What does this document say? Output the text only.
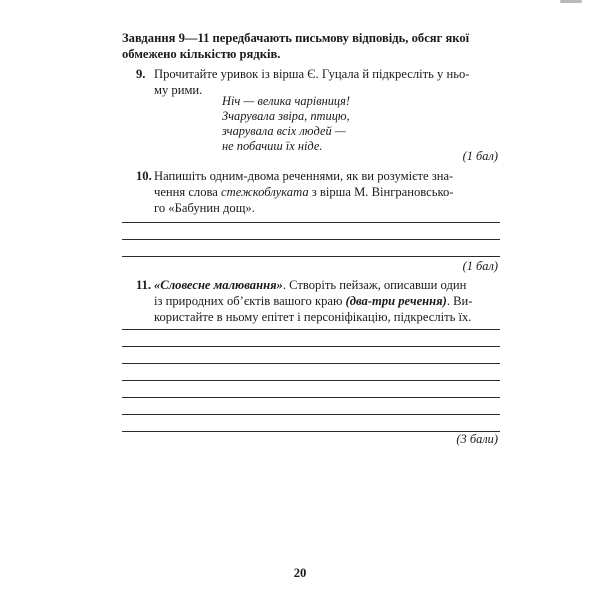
Завдання 9—11 передбачають письмову відповідь, обсяг якої
обмежено кількістю рядків.
9. Прочитайте уривок із вірша Є. Гуцала й підкресліть у ньо-
му рими.
Ніч — велика чарівниця!
Зчарувала звіра, птицю,
зчарувала всіх людей —
не побачиш їх ніде.
(1 бал)
10. Напишіть одним-двома реченнями, як ви розумієте зна-
чення слова стежкоблуката з вірша М. Вінграновсько-
го «Бабунин дощ».
(1 бал)
11. «Словесне малювання». Створіть пейзаж, описавши один
із природних об’єктів вашого краю (два-три речення). Ви-
користайте в ньому епітет і персоніфікацію, підкресліть їх.
(3 бали)
20
